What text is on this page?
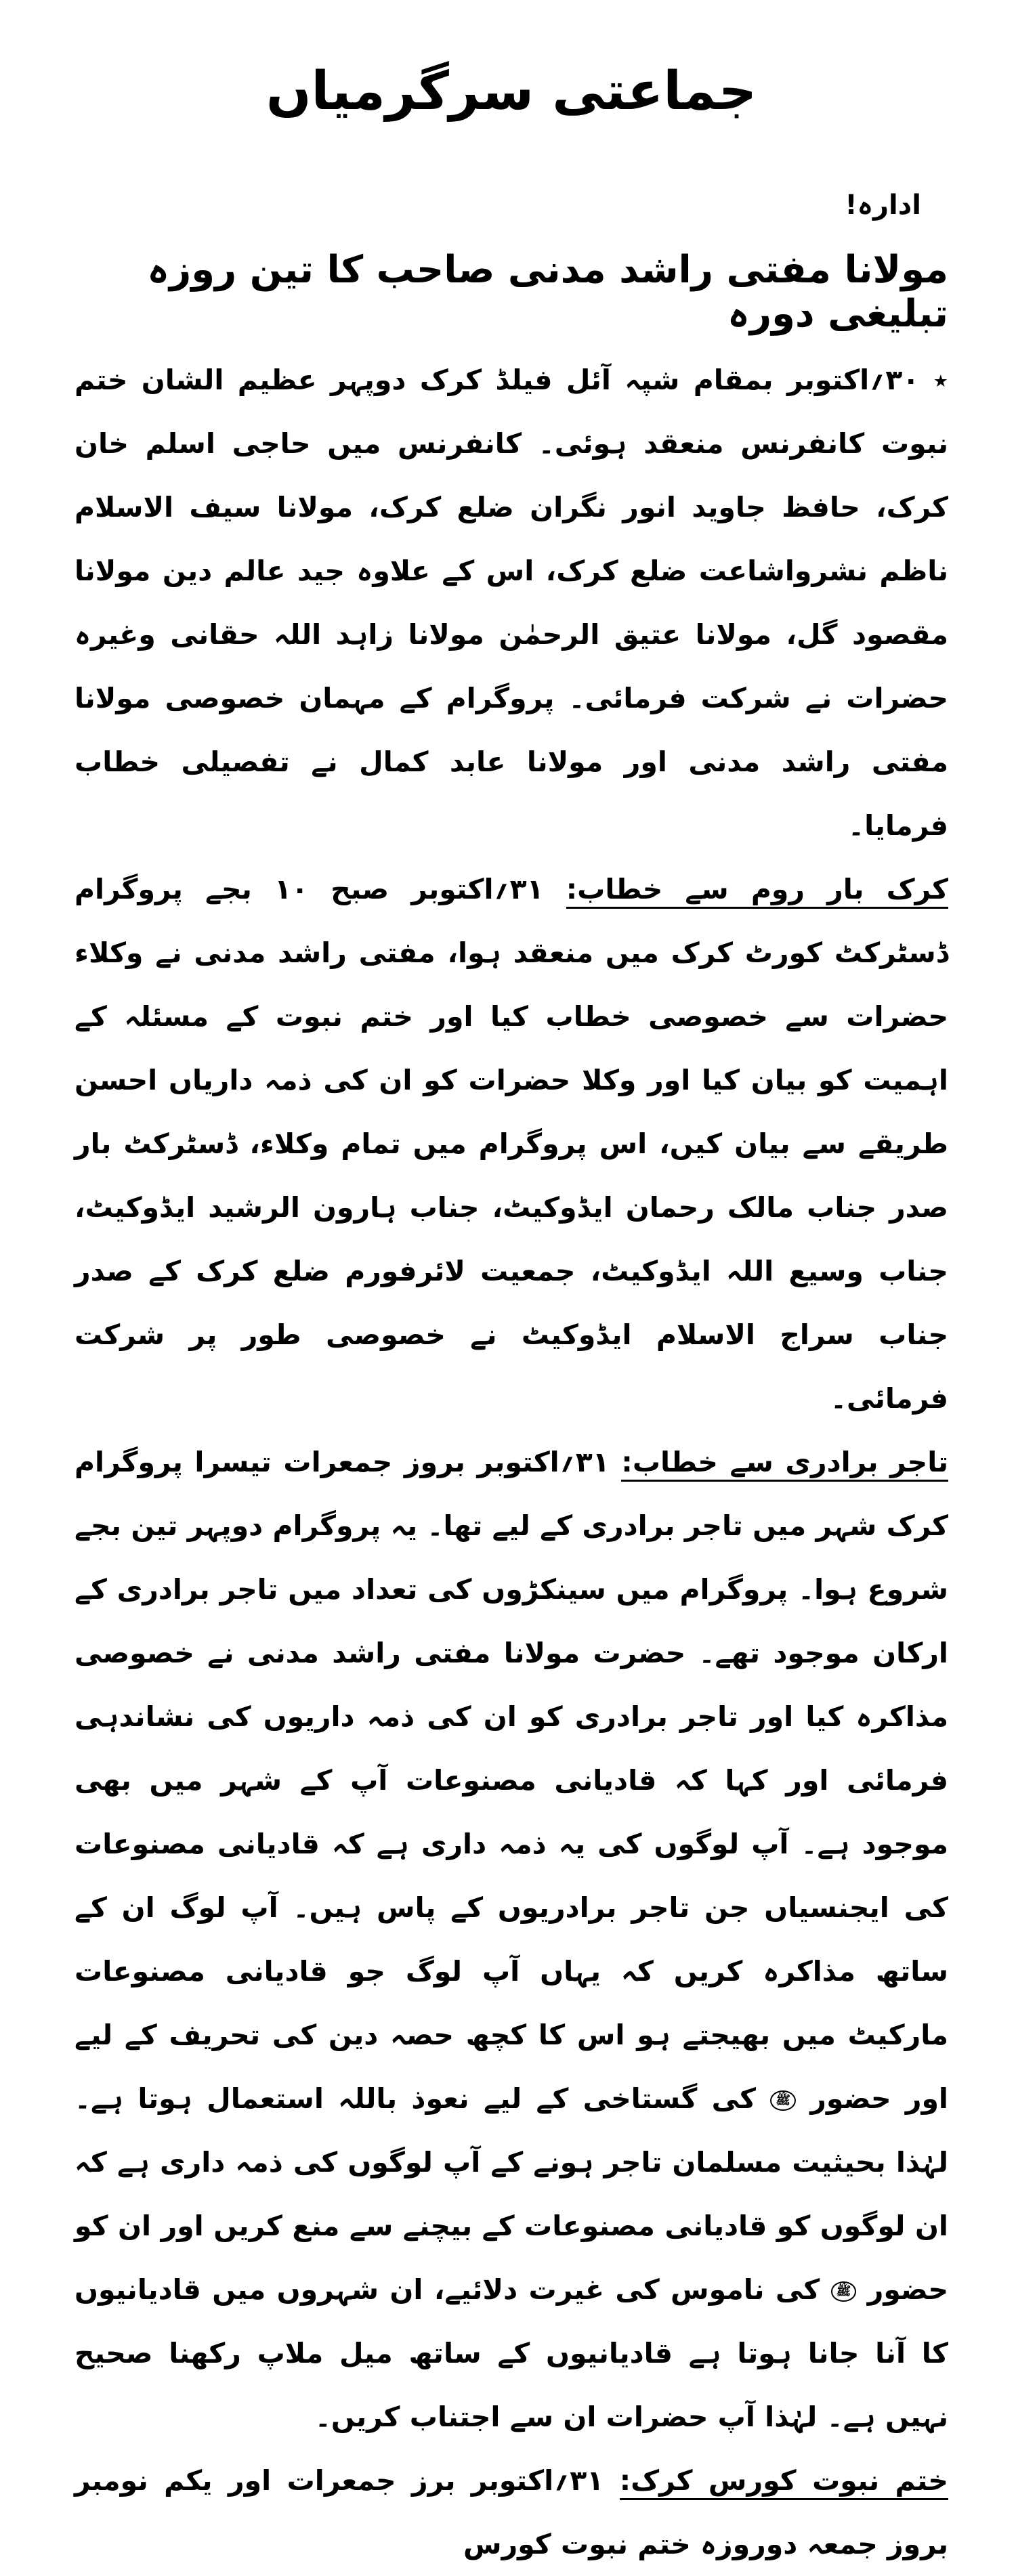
جماعتی سرگرمیاں
ادارہ!
مولانا مفتی راشد مدنی صاحب کا تین روزہ تبلیغی دورہ

٭ ۳۰؍اکتوبر بمقام شپہ آئل فیلڈ کرک دوپہر عظیم الشان ختم نبوت کانفرنس منعقد ہوئی۔ کانفرنس میں حاجی اسلم خان کرک، حافظ جاوید انور نگران ضلع کرک، مولانا سیف الاسلام ناظم نشرواشاعت ضلع کرک، اس کے علاوہ جید عالم دین مولانا مقصود گل، مولانا عتیق الرحمٰن مولانا زاہد اللہ حقانی وغیرہ حضرات نے شرکت فرمائی۔ پروگرام کے مہمان خصوصی مولانا مفتی راشد مدنی اور مولانا عابد کمال نے تفصیلی خطاب فرمایا۔

کرک بار روم سے خطاب: ۳۱؍اکتوبر صبح ۱۰ بجے پروگرام ڈسٹرکٹ کورٹ کرک میں منعقد ہوا، مفتی راشد مدنی نے وکلاء حضرات سے خصوصی خطاب کیا اور ختم نبوت کے مسئلہ کے اہمیت کو بیان کیا اور وکلا حضرات کو ان کی ذمہ داریاں احسن طریقے سے بیان کیں، اس پروگرام میں تمام وکلاء، ڈسٹرکٹ بار صدر جناب مالک رحمان ایڈوکیٹ، جناب ہارون الرشید ایڈوکیٹ، جناب وسیع اللہ ایڈوکیٹ، جمعیت لائرفورم ضلع کرک کے صدر جناب سراج الاسلام ایڈوکیٹ نے خصوصی طور پر شرکت فرمائی۔

تاجر برادری سے خطاب: ۳۱؍اکتوبر بروز جمعرات تیسرا پروگرام کرک شہر میں تاجر برادری کے لیے تھا۔ یہ پروگرام دوپہر تین بجے شروع ہوا۔ پروگرام میں سینکڑوں کی تعداد میں تاجر برادری کے ارکان موجود تھے۔ حضرت مولانا مفتی راشد مدنی نے خصوصی مذاکرہ کیا اور تاجر برادری کو ان کی ذمہ داریوں کی نشاندہی فرمائی اور کہا کہ قادیانی مصنوعات آپ کے شہر میں بھی موجود ہے۔ آپ لوگوں کی یہ ذمہ داری ہے کہ قادیانی مصنوعات کی ایجنسیاں جن تاجر برادریوں کے پاس ہیں۔ آپ لوگ ان کے ساتھ مذاکرہ کریں کہ یہاں آپ لوگ جو قادیانی مصنوعات مارکیٹ میں بھیجتے ہو اس کا کچھ حصہ دین کی تحریف کے لیے اور حضور ﷺ کی گستاخی کے لیے نعوذ باللہ استعمال ہوتا ہے۔ لہٰذا بحیثیت مسلمان تاجر ہونے کے آپ لوگوں کی ذمہ داری ہے کہ ان لوگوں کو قادیانی مصنوعات کے بیچنے سے منع کریں اور ان کو حضور ﷺ کی ناموس کی غیرت دلائیے، ان شہروں میں قادیانیوں کا آنا جانا ہوتا ہے قادیانیوں کے ساتھ میل ملاپ رکھنا صحیح نہیں ہے۔ لہٰذا آپ حضرات ان سے اجتناب کریں۔

ختم نبوت کورس کرک: ۳۱؍اکتوبر برز جمعرات اور یکم نومبر بروز جمعہ دوروزہ ختم نبوت کورس
